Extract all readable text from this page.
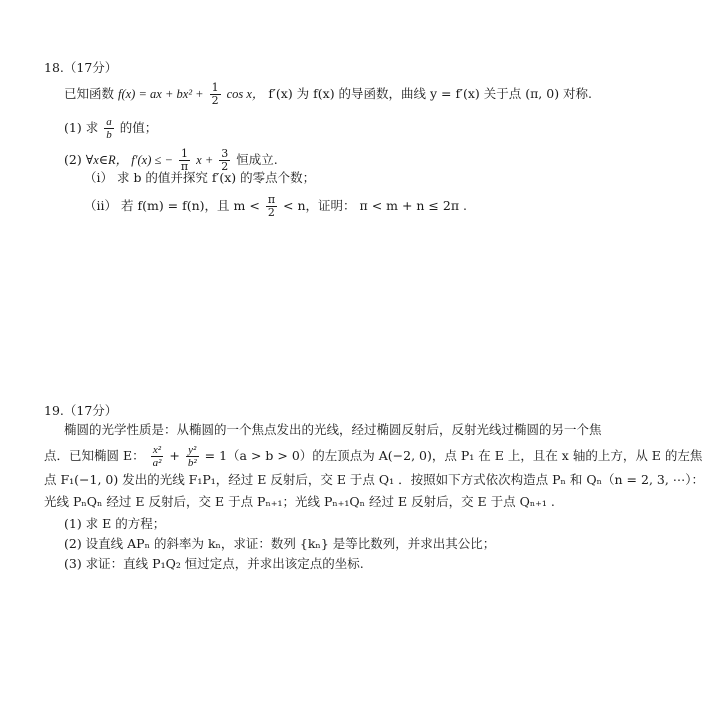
18.（17分）
已知函数 f(x) = ax + $bx^2 + \frac{1}{2}$ cos x， f′(x) 为 f(x) 的导函数，曲线 y = f′(x) 关于点 (π, 0) 对称.
(1) 求 $\frac{a}{b}$ 的值；
(2) ∀x∈R， f′(x) ≤ − $\frac{1}{\pi}$ $x + \frac{3}{2}$ 恒成立.
（ⅰ） 求 b 的值并探究 f′(x) 的零点个数；
（ⅱ） 若 f(m) = f(n)，且 $m < \frac{\pi}{2} < n$，证明： π < m + n ≤ 2π .
19.（17分）
椭圆的光学性质是：从椭圆的一个焦点发出的光线，经过椭圆反射后，反射光线过椭圆的另一个焦
点．已知椭圆 E： $\frac{\text{x²}}{\text{a²}} + \frac{\text{y²}}{\text{b²}} = 1(a > b > 0)$的左顶点为 A(−2, 0)，点 P₁ 在 E 上，且在 x 轴的上方，从 E 的左焦
点 F₁(−1, 0) 发出的光线 F₁P₁，经过 E 反射后，交 E 于点 Q₁ ．按照如下方式依次构造点 Pₙ 和 Qₙ（n = 2, 3, ⋯）：
光线 PₙQₙ 经过 E 反射后，交 E 于点 Pₙ₊₁；光线 Pₙ₊₁Qₙ 经过 E 反射后，交 E 于点 Qₙ₊₁ .
(1) 求 E 的方程；
(2) 设直线 APₙ 的斜率为 kₙ，求证：数列 {kₙ} 是等比数列，并求出其公比；
(3) 求证：直线 P₁Q₂ 恒过定点，并求出该定点的坐标.
